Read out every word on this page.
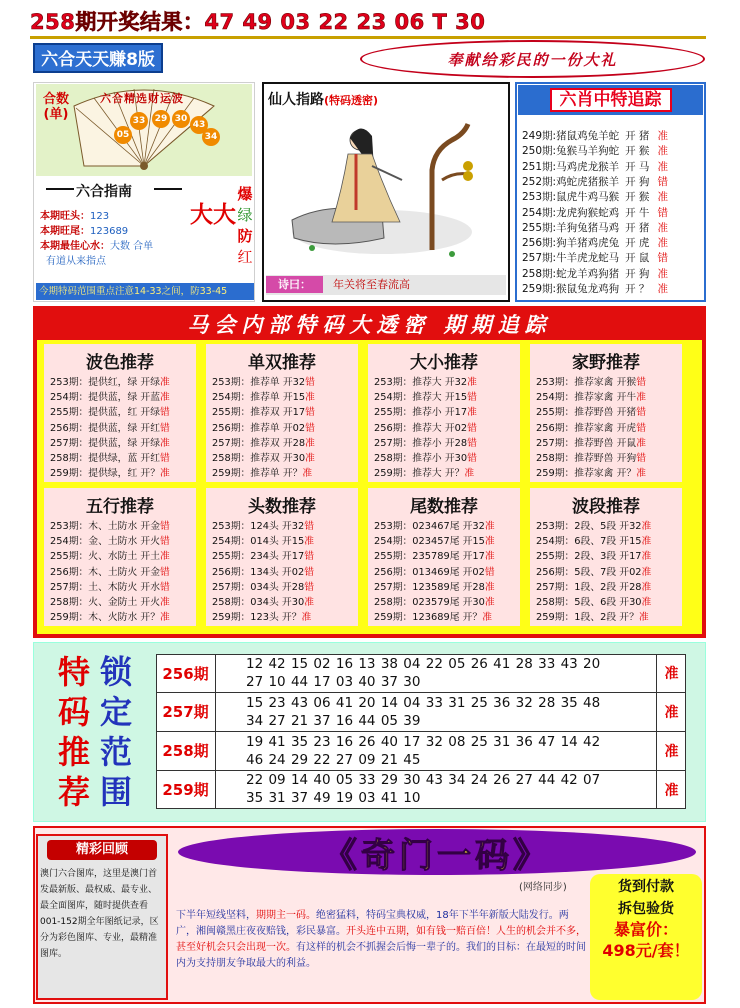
258期开奖结果：47 49 03 22 23 06 T 30
六合天天赚8版	奉献给彩民的一份大礼
合数(单)
六合精选财运波
05
33	29 30
43
34
六合指南
本期旺头：123
本期旺尾：123689
本期最佳心水：大数 合单
有道从来指点
大大
爆
绿
防
红
今期特码范围重点注意14-33之间，防33-45
仙人指路(特码透密)
诗曰： 年关将至春流高
六肖中特追踪
249期: 猪鼠鸡兔羊蛇 开 猪 准
250期: 兔猴马羊狗蛇 开 猴 准
251期: 马鸡虎龙猴羊 开 马 准
252期: 鸡蛇虎猪猴羊 开 狗 错
253期: 鼠虎牛鸡马猴 开 猴 准
254期: 龙虎狗猴蛇鸡 开 牛 错
255期: 羊狗兔猪马鸡 开 猪 准
256期: 狗羊猪鸡虎兔 开 虎 准
257期: 牛羊虎龙蛇马 开 鼠 错
258期: 蛇龙羊鸡狗猪 开 狗 准
259期: 猴鼠兔龙鸡狗 开 ？ 准
马会内部特码大透密 期期追踪
波色推荐
253期：提供红，绿 开绿准
254期：提供蓝，绿 开蓝准
255期：提供蓝，红 开绿错
256期：提供蓝，绿 开红错
257期：提供蓝，绿 开绿准
258期：提供绿，蓝 开红错
259期：提供绿，红 开？准
单双推荐
253期：推荐单 开32错
254期：推荐单 开15准
255期：推荐双 开17错
256期：推荐单 开02错
257期：推荐双 开28准
258期：推荐双 开30准
259期：推荐单 开？准
大小推荐
253期：推荐大 开32准
254期：推荐大 开15错
255期：推荐小 开17准
256期：推荐大 开02错
257期：推荐小 开28错
258期：推荐小 开30错
259期：推荐大 开？准
家野推荐
253期：推荐家禽 开猴错
254期：推荐家禽 开牛准
255期：推荐野兽 开猪错
256期：推荐家禽 开虎错
257期：推荐野兽 开鼠准
258期：推荐野兽 开狗错
259期：推荐家禽 开？准
五行推荐
253期：木、土防水 开金错
254期：金、土防水 开火错
255期：火、水防土 开土准
256期：木、土防火 开金错
257期：土、木防火 开水错
258期：火、金防土 开火准
259期：木、火防水 开？准
头数推荐
253期：124头 开32错
254期：014头 开15准
255期：234头 开17错
256期：134头 开02错
257期：034头 开28错
258期：034头 开30准
259期：123头 开？准
尾数推荐
253期：023467尾 开32准
254期：023457尾 开15准
255期：235789尾 开17准
256期：013469尾 开02错
257期：123589尾 开28准
258期：023579尾 开30准
259期：123689尾 开？准
波段推荐
253期：2段、5段 开32准
254期：6段、7段 开15准
255期：2段、3段 开17准
256期：5段、7段 开02准
257期：1段、2段 开28准
258期：5段、6段 开30准
259期：1段、2段 开？准
特
码
推
荐
锁
定
范
围
256期
12 42 15 02 16 13 38 04 22 05 26 41 28 33 43 20
27 10 44 17 03 40 37 30	准
257期
15 23 43 06 41 20 14 04 33 31 25 36 32 28 35 48
34 27 21 37 16 44 05 39	准
258期
19 41 35 23 16 26 40 17 32 08 25 31 36 47 14 42
46 24 29 22 27 09 21 45	准
259期
22 09 14 40 05 33 29 30 43 34 24 26 27 44 42 07
35 31 37 49 19 03 41 10	准
精彩回顾
澳门六合图库，这里是澳门首发最新版、最权威、最专业、最全面图库，随时提供查看001-152期全年图纸记录，区分为彩色图库、专业，最精准图库。
《奇门一码》
(网络同步)	货到付款
拆包验货
暴富价：
498元/套！
下半年短线坚料，期期主一码。绝密猛料，特码宝典权威，18年下半年新版大陆发行。两广，湘闽赣黑庄夜夜赔钱，彩民暴富。开头连中五期，如有钱一赔百倍！人生的机会并不多，甚至好机会只会出现一次。有这样的机会不抓握会后悔一辈子的。我们的目标：在最短的时间内为支持朋友争取最大的利益。
